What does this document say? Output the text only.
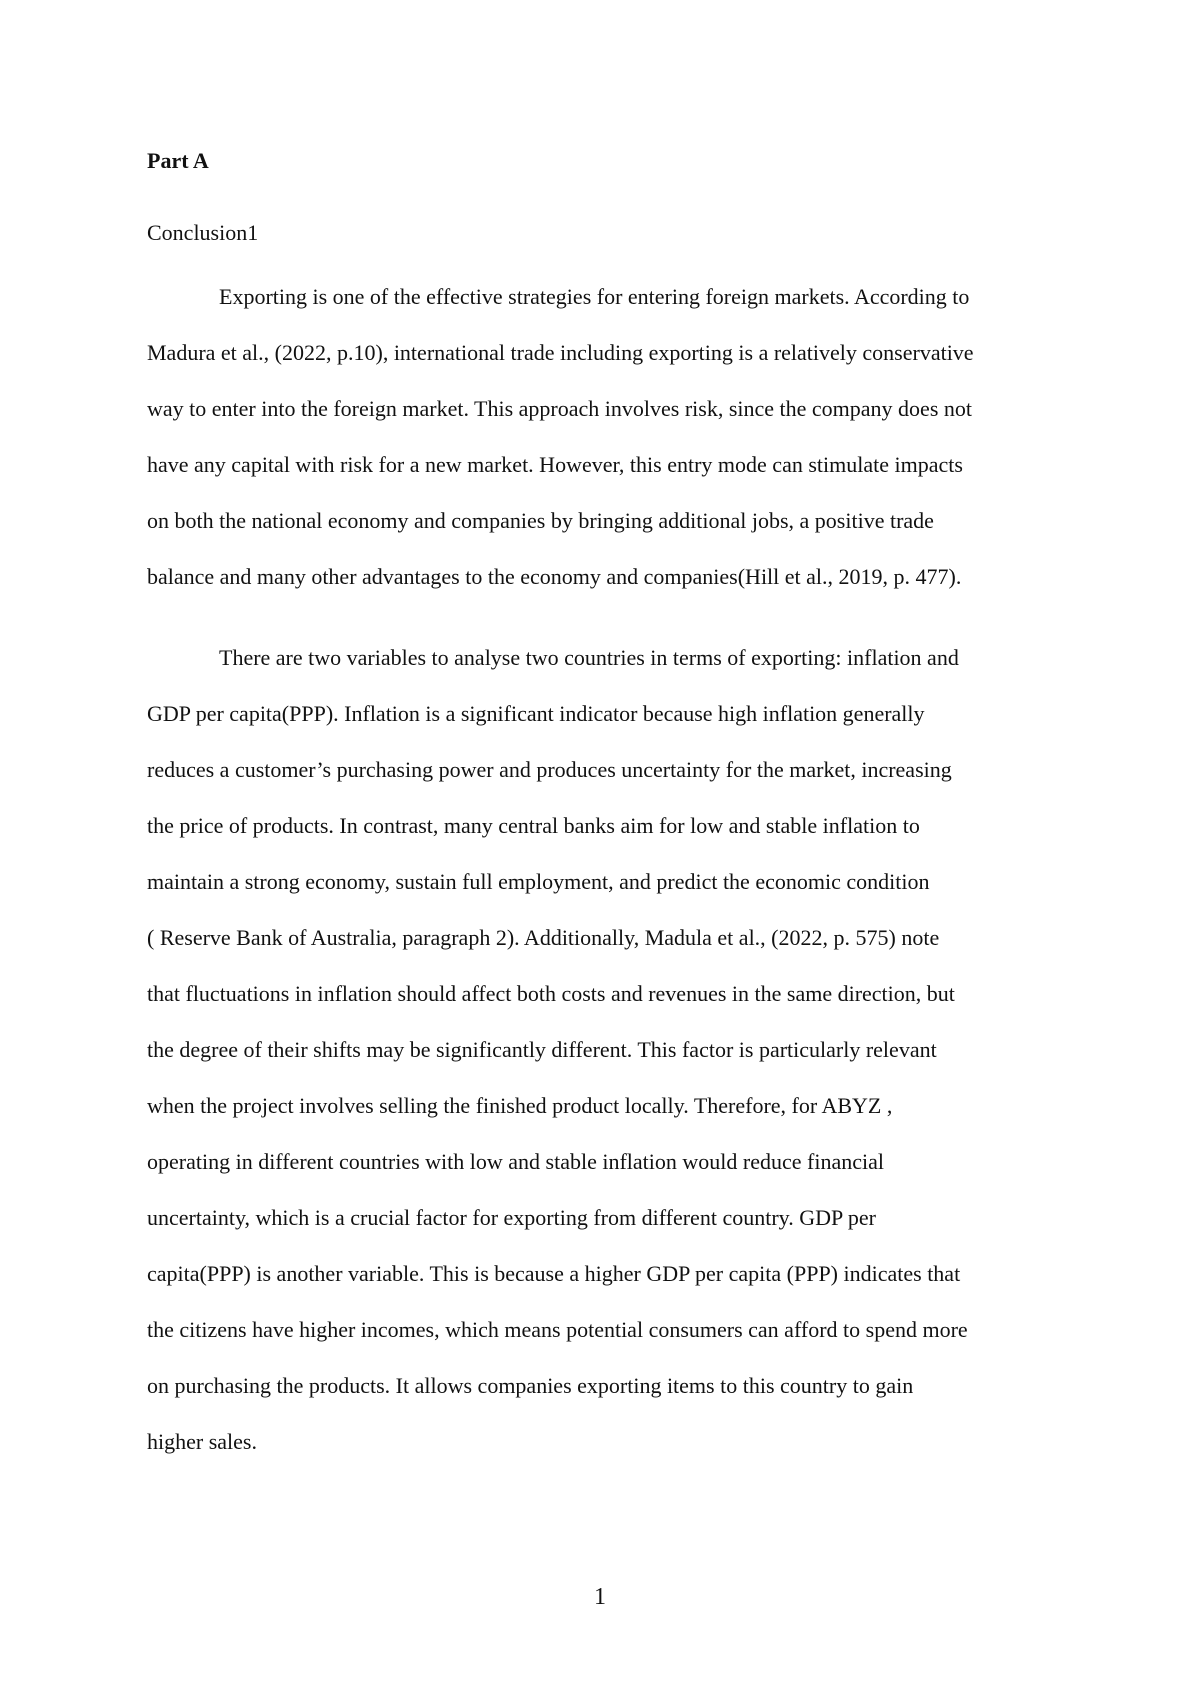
Part A
Conclusion1
Exporting is one of the effective strategies for entering foreign markets. According to
Madura et al., (2022, p.10), international trade including exporting is a relatively conservative
way to enter into the foreign market. This approach involves risk, since the company does not
have any capital with risk for a new market. However, this entry mode can stimulate impacts
on both the national economy and companies by bringing additional jobs, a positive trade
balance and many other advantages to the economy and companies(Hill et al., 2019, p. 477).
There are two variables to analyse two countries in terms of exporting: inflation and
GDP per capita(PPP). Inflation is a significant indicator because high inflation generally
reduces a customer’s purchasing power and produces uncertainty for the market, increasing
the price of products. In contrast, many central banks aim for low and stable inflation to
maintain a strong economy, sustain full employment, and predict the economic condition
( Reserve Bank of Australia, paragraph 2). Additionally, Madula et al., (2022, p. 575) note
that fluctuations in inflation should affect both costs and revenues in the same direction, but
the degree of their shifts may be significantly different. This factor is particularly relevant
when the project involves selling the finished product locally. Therefore, for ABYZ ,
operating in different countries with low and stable inflation would reduce financial
uncertainty, which is a crucial factor for exporting from different country. GDP per
capita(PPP) is another variable. This is because a higher GDP per capita (PPP) indicates that
the citizens have higher incomes, which means potential consumers can afford to spend more
on purchasing the products. It allows companies exporting items to this country to gain
higher sales.
1
